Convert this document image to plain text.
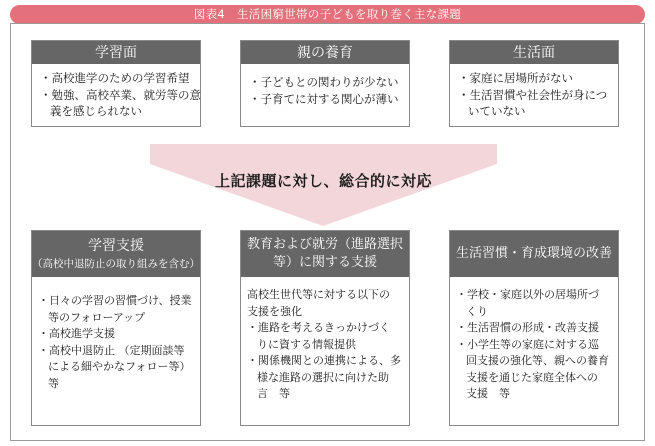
図表4 生活困窮世帯の子どもを取り巻く主な課題
学習面
・高校進学のための学習希望
・勉強、高校卒業、就労等の意
義を感じられない
親の養育
・子どもとの関わりが少ない
・子育てに対する関心が薄い
生活面
・家庭に居場所がない
・生活習慣や社会性が身につ
いていない
上記課題に対し、総合的に対応
学習支援
（高校中退防止の取り組みを含む）
・日々の学習の習慣づけ、授業
等のフォローアップ
・高校進学支援
・高校中退防止 （定期面談等
による細やかなフォロー等）
等
教育および就労（進路選択
等）に関する支援
高校生世代等に対する以下の
支援を強化
・進路を考えるきっかけづく
りに資する情報提供
・関係機関との連携による、多
様な進路の選択に向けた助
言　等
生活習慣・育成環境の改善
・学校・家庭以外の居場所づ
くり
・生活習慣の形成・改善支援
・小学生等の家庭に対する巡
回支援の強化等、親への養育
支援を通じた家庭全体への
支援　等
